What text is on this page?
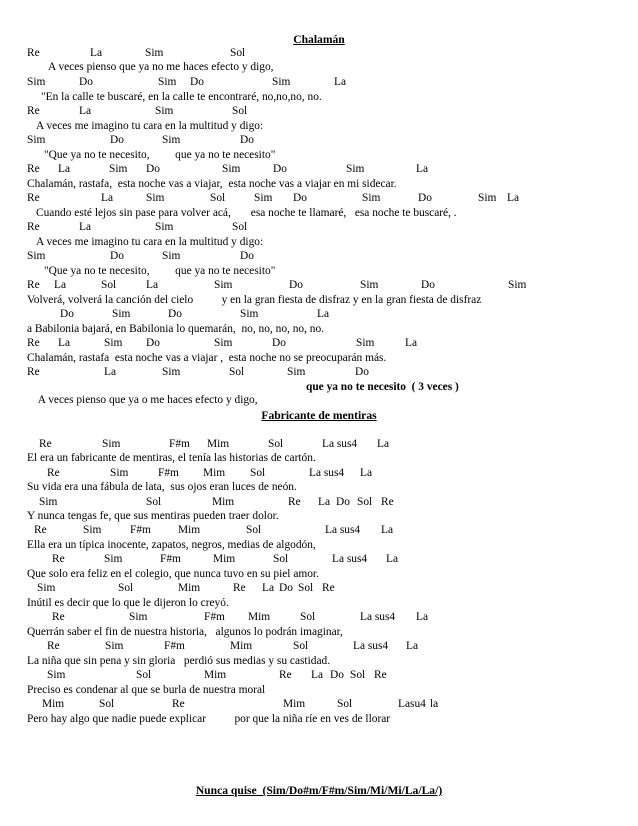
Chalamán
Re	La	Sim	Sol
A veces pienso que ya no me haces efecto y digo,
Sim	Do	Sim Do	Sim	La
"En la calle te buscaré, en la calle te encontraré, no,no,no, no.
Re	La	Sim	Sol
A veces me imagino tu cara en la multitud y digo:
Sim	Do	Sim	Do
"Que ya no te necesito,         que ya no te necesito"
Re La	Sim Do	Sim	Do	Sim	La
Chalamán, rastafa,  esta noche vas a viajar,  esta noche vas a viajar en mi sidecar.
Re	La	Sim	Sol	Sim Do	Sim	Do	Sim La
Cuando esté lejos sin pase para volver acá,       esa noche te llamaré,   esa noche te buscaré, .
Re	La	Sim	Sol
A veces me imagino tu cara en la multitud y digo:
Sim	Do	Sim	Do
"Que ya no te necesito,         que ya no te necesito"
Re La	Sol	La	Sim	Do	Sim	Do	Sim
Volverá, volverá la canción del cielo          y en la gran fiesta de disfraz y en la gran fiesta de disfraz
Do	Sim	Do	Sim	La
a Babilonia bajará, en Babilonia lo quemarán,  no, no, no, no, no.
Re La	Sim Do	Sim	Do	Sim	La
Chalamán, rastafa  esta noche vas a viajar ,  esta noche no se preocuparán más.
Re	La	Sim	Sol	Sim	Do

A veces pienso que ya o me haces efecto y digo,

que ya no te necesito  ( 3 veces )
Fabricante de mentiras
Re	Sim	F#m Mim	Sol	La sus4 La
El era un fabricante de mentiras, el tenía las historias de cartón.
Re	Sim	F#m Mim Sol	La sus4 La
Su vida era una fábula de lata,  sus ojos eran luces de neón.
Sim	Sol	Mim	Re La Do Sol Re
Y nunca tengas fe, que sus mentiras pueden traer dolor.
Re	Sim	F#m Mim	Sol	La sus4 La
Ella era un típica inocente, zapatos, negros, medias de algodón,
Re	Sim	F#m	Mim	Sol	La sus4 La
Que solo era feliz en el colegio, que nunca tuvo en su piel amor.
Sim	Sol	Mim	Re La Do Sol Re
Inútil es decir que lo que le dijeron lo creyó.
Re	Sim	F#m Mim	Sol	La sus4 La
Querrán saber el fin de nuestra historia,   algunos lo podrán imaginar,
Re	Sim	F#m	Mim	Sol	La sus4 La
La niña que sin pena y sin gloria   perdió sus medias y su castidad.
Sim	Sol	Mim	Re La Do Sol Re
Preciso es condenar al que se burla de nuestra moral
Mim	Sol	Re	Mim	Sol	Lasu4 la
Pero hay algo que nadie puede explicar          por que la niña ríe en ves de llorar
Nunca quise  (Sim/Do#m/F#m/Sim/Mi/Mi/La/La/)
